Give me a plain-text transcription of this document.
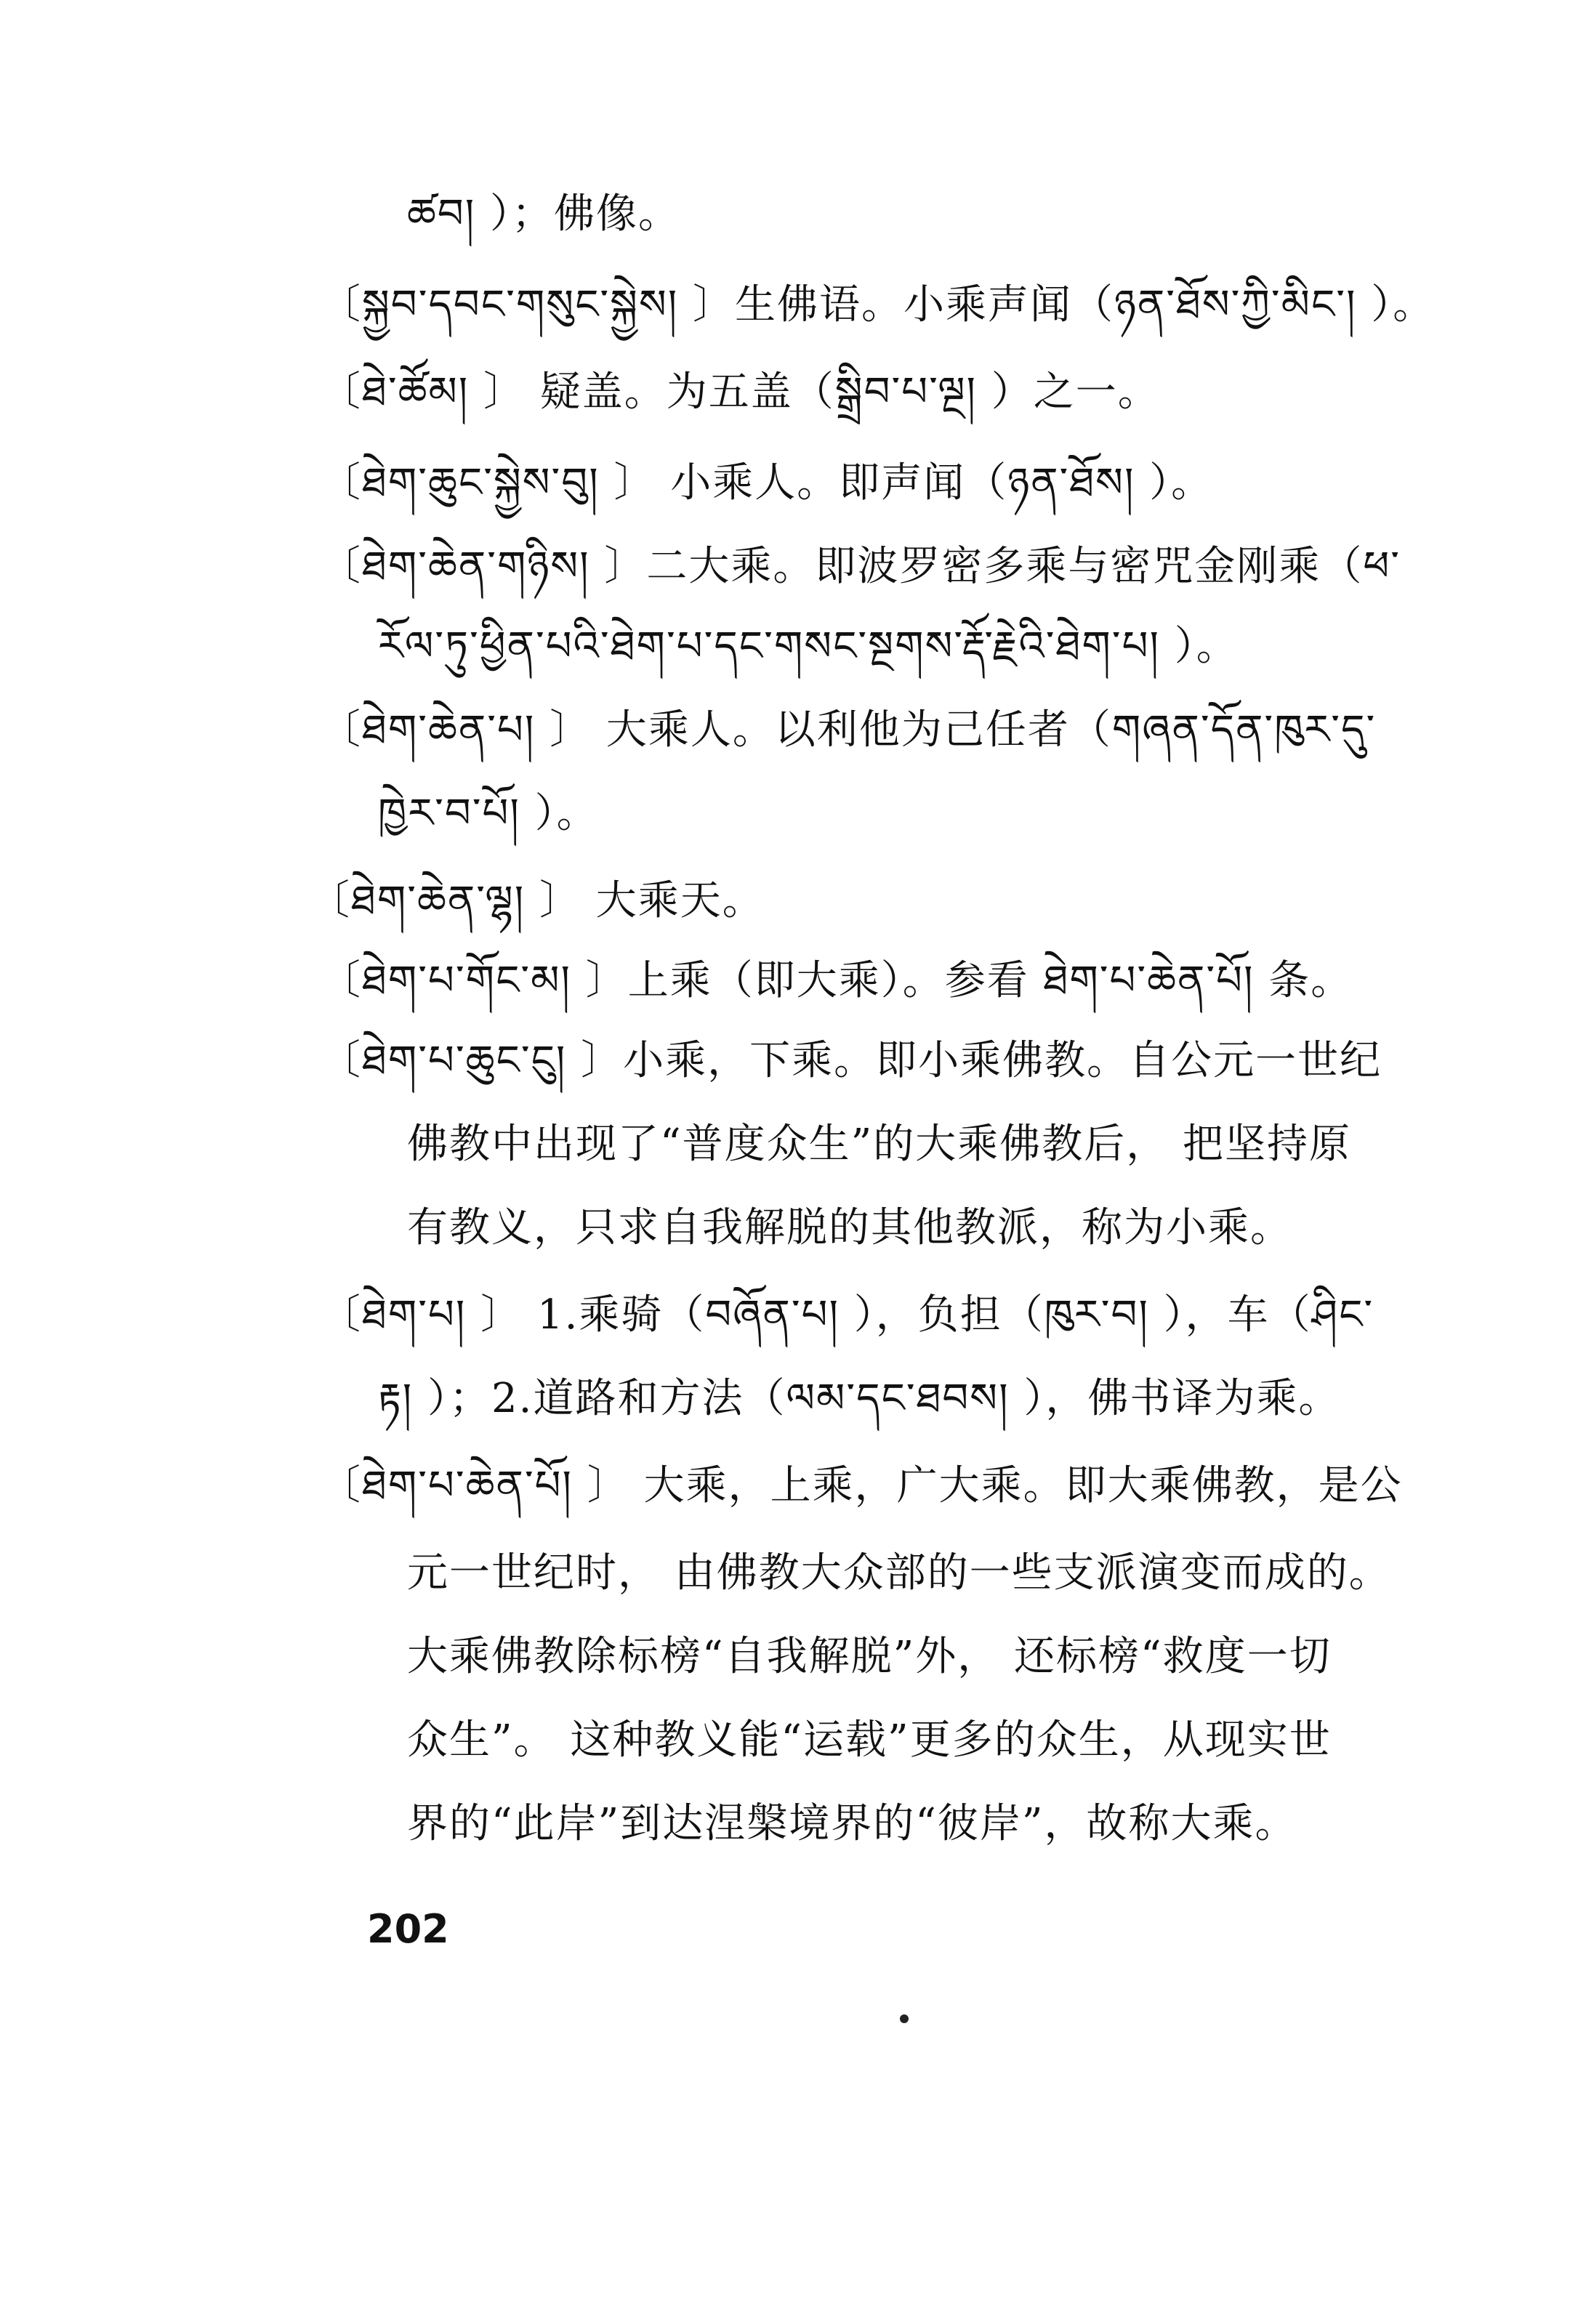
ཚབ། ）；佛像。
〔སྐྱབ་དབང་གསུང་སྐྱེས། 〕生佛语。小乘声闻（ཉན་ཐོས་ཀྱི་མིང་། ）。
〔ཐེ་ཚོམ། 〕 疑盖。为五盖（སྒྲིབ་པ་ལྔ། ）之一。
〔ཐེག་ཆུང་སྐྱེས་བུ། 〕 小乘人。即声闻（ཉན་ཐོས། ）。
〔ཐེག་ཆེན་གཉིས། 〕二大乘。即波罗密多乘与密咒金刚乘（ཕ་
རོལ་ཏུ་ཕྱིན་པའི་ཐེག་པ་དང་གསང་སྔགས་རྡོ་རྗེའི་ཐེག་པ། ）。
〔ཐེག་ཆེན་པ། 〕 大乘人。以利他为己任者（གཞན་དོན་ཁུར་དུ་
ཁྱེར་བ་པོ། ）。
〔ཐེག་ཆེན་ལྷ། 〕 大乘天。
〔ཐེག་པ་གོང་མ། 〕上乘（即大乘）。参看 ཐེག་པ་ཆེན་པོ། 条。
〔ཐེག་པ་ཆུང་ངུ། 〕小乘，下乘。即小乘佛教。自公元一世纪
佛教中出现了“普度众生”的大乘佛教后， 把坚持原
有教义，只求自我解脱的其他教派，称为小乘。
〔ཐེག་པ། 〕 1.乘骑（བཞོན་པ། ），负担（ཁུར་བ། ），车（ཤིང་
རྟ། ）；2.道路和方法（ལམ་དང་ཐབས། ），佛书译为乘。
〔ཐེག་པ་ཆེན་པོ། 〕 大乘，上乘，广大乘。即大乘佛教，是公
元一世纪时， 由佛教大众部的一些支派演变而成的。
大乘佛教除标榜“自我解脱”外， 还标榜“救度一切
众生”。 这种教义能“运载”更多的众生，从现实世
界的“此岸”到达涅槃境界的“彼岸”，故称大乘。
202
